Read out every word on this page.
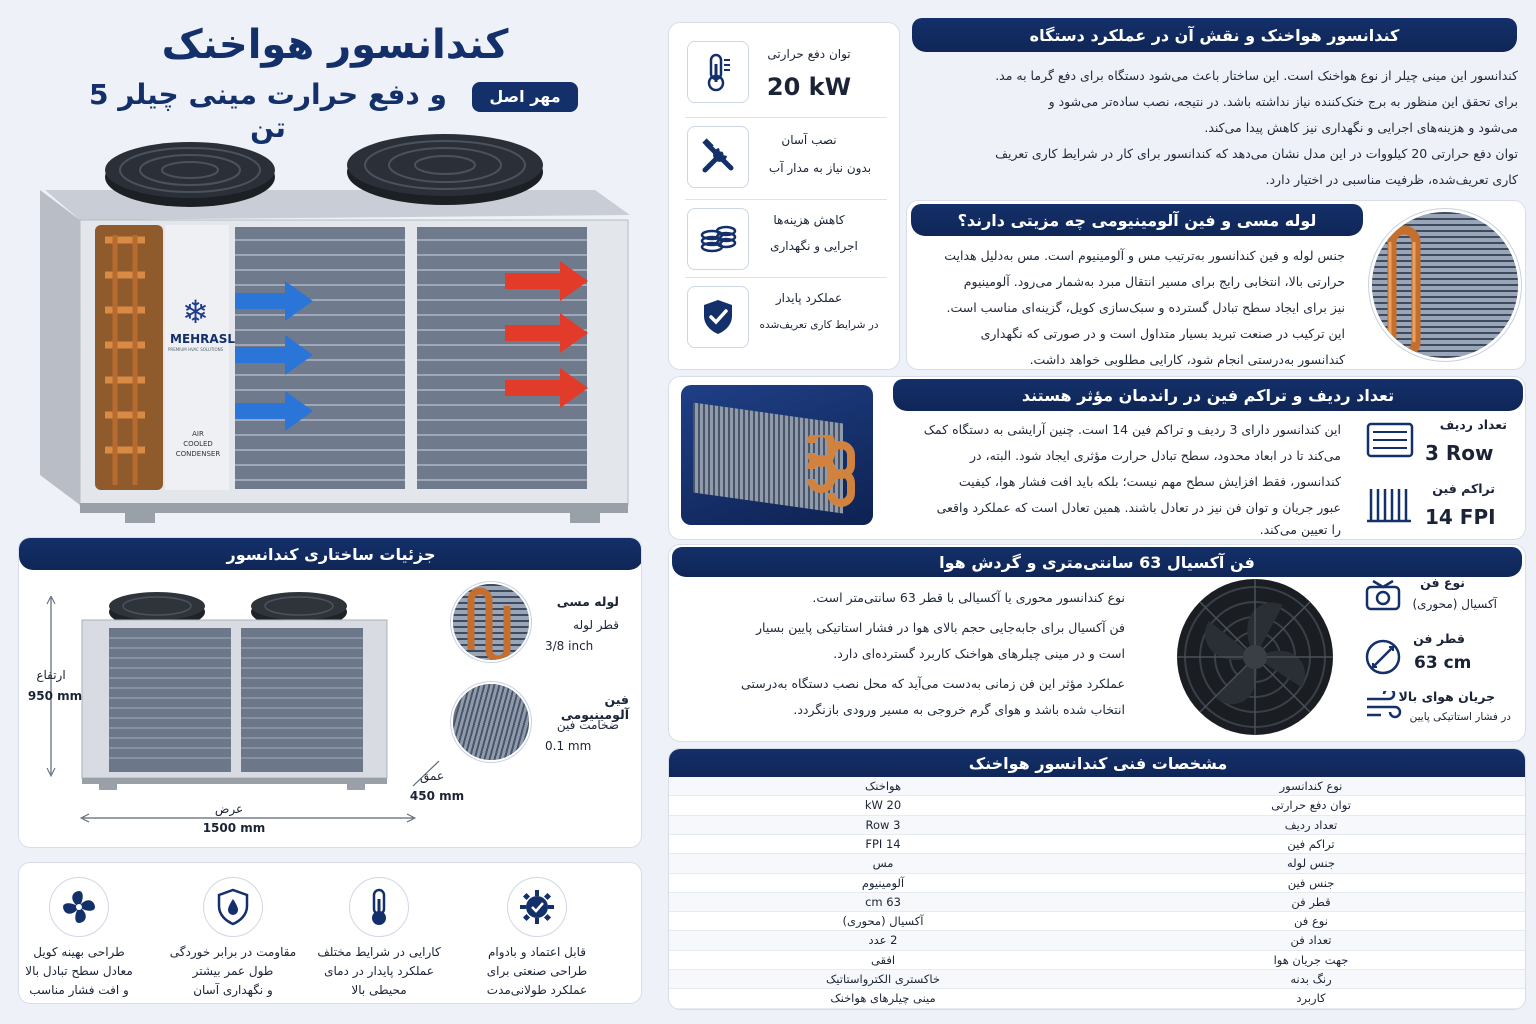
کندانسور هواخنک
و دفع حرارت مینی چیلر 5 تن
مهر اصل
❄
MEHRASL
PREMIUM HVAC SOLUTIONS
AIR
COOLED
CONDENSER
توان دفع حرارتی
20 kW
نصب آسان
بدون نیاز به مدار آب
کاهش هزینه‌ها
اجرایی و نگهداری
عملکرد پایدار
در شرایط کاری تعریف‌شده
کندانسور هواخنک و نقش آن در عملکرد دستگاه
کندانسور این مینی چیلر از نوع هواخنک است. این ساختار باعث می‌شود دستگاه برای دفع گرما به مد.
برای تحقق این منظور به برج خنک‌کننده نیاز نداشته باشد. در نتیجه، نصب ساده‌تر می‌شود و
می‌شود و هزینه‌های اجرایی و نگهداری نیز کاهش پیدا می‌کند.
توان دفع حرارتی 20 کیلووات در این مدل نشان می‌دهد که کندانسور برای کار در شرایط کاری تعریف
کاری تعریف‌شده، ظرفیت مناسبی در اختیار دارد.
لوله مسی و فین آلومینیومی چه مزیتی دارند؟
جنس لوله و فین کندانسور به‌ترتیب مس و آلومینیوم است. مس به‌دلیل هدایت
حرارتی بالا، انتخابی رایج برای مسیر انتقال مبرد به‌شمار می‌رود. آلومینیوم
نیز برای ایجاد سطح تبادل گسترده و سبک‌سازی کویل، گزینه‌ای مناسب است.
این ترکیب در صنعت تبرید بسیار متداول است و در صورتی که نگهداری
کندانسور به‌درستی انجام شود، کارایی مطلوبی خواهد داشت.
تعداد ردیف و تراکم فین در راندمان مؤثر هستند
این کندانسور دارای 3 ردیف و تراکم فین 14 است. چنین آرایشی به دستگاه کمک
می‌کند تا در ابعاد محدود، سطح تبادل حرارت مؤثری ایجاد شود. البته، در
کندانسور، فقط افزایش سطح مهم نیست؛ بلکه باید افت فشار هوا، کیفیت
عبور جریان و توان فن نیز در تعادل باشند. همین تعادل است که عملکرد واقعی
را تعیین می‌کند.
تعداد ردیف
3 Row
تراکم فین
14 FPI
فن آکسیال 63 سانتی‌متری و گردش هوا
نوع کندانسور محوری یا آکسیالی با قطر 63 سانتی‌متر است.
فن آکسیال برای جابه‌جایی حجم بالای هوا در فشار استاتیکی پایین بسیار
است و در مینی چیلرهای هواخنک کاربرد گسترده‌ای دارد.
عملکرد مؤثر این فن زمانی به‌دست می‌آید که محل نصب دستگاه به‌درستی
انتخاب شده باشد و هوای گرم خروجی به مسیر ورودی بازنگردد.
نوع فن
آکسیال (محوری)
قطر فن
63 cm
جریان هوای بالا
در فشار استاتیکی پایین
مشخصات فنی کندانسور هواخنک
نوع کندانسور
هواخنک
توان دفع حرارتی
20 kW
تعداد ردیف
3 Row
تراکم فین
14 FPI
جنس لوله
مس
جنس فین
آلومینیوم
قطر فن
63 cm
نوع فن
آکسیال (محوری)
تعداد فن
2 عدد
جهت جریان هوا
افقی
رنگ بدنه
خاکستری الکترواستاتیک
کاربرد
مینی چیلرهای هواخنک
جزئیات ساختاری کندانسور
ارتفاع
950 mm
عرض
1500 mm
عمق
450 mm
لوله مسی
قطر لوله
3/8 inch
فین آلومینیومی
ضخامت فین
0.1 mm
قابل اعتماد و بادوام
طراحی صنعتی برای
عملکرد طولانی‌مدت
کارایی در شرایط مختلف
عملکرد پایدار در دمای
محیطی بالا
مقاومت در برابر خوردگی
طول عمر بیشتر
و نگهداری آسان
طراحی بهینه کویل
معادل سطح تبادل بالا
و افت فشار مناسب
